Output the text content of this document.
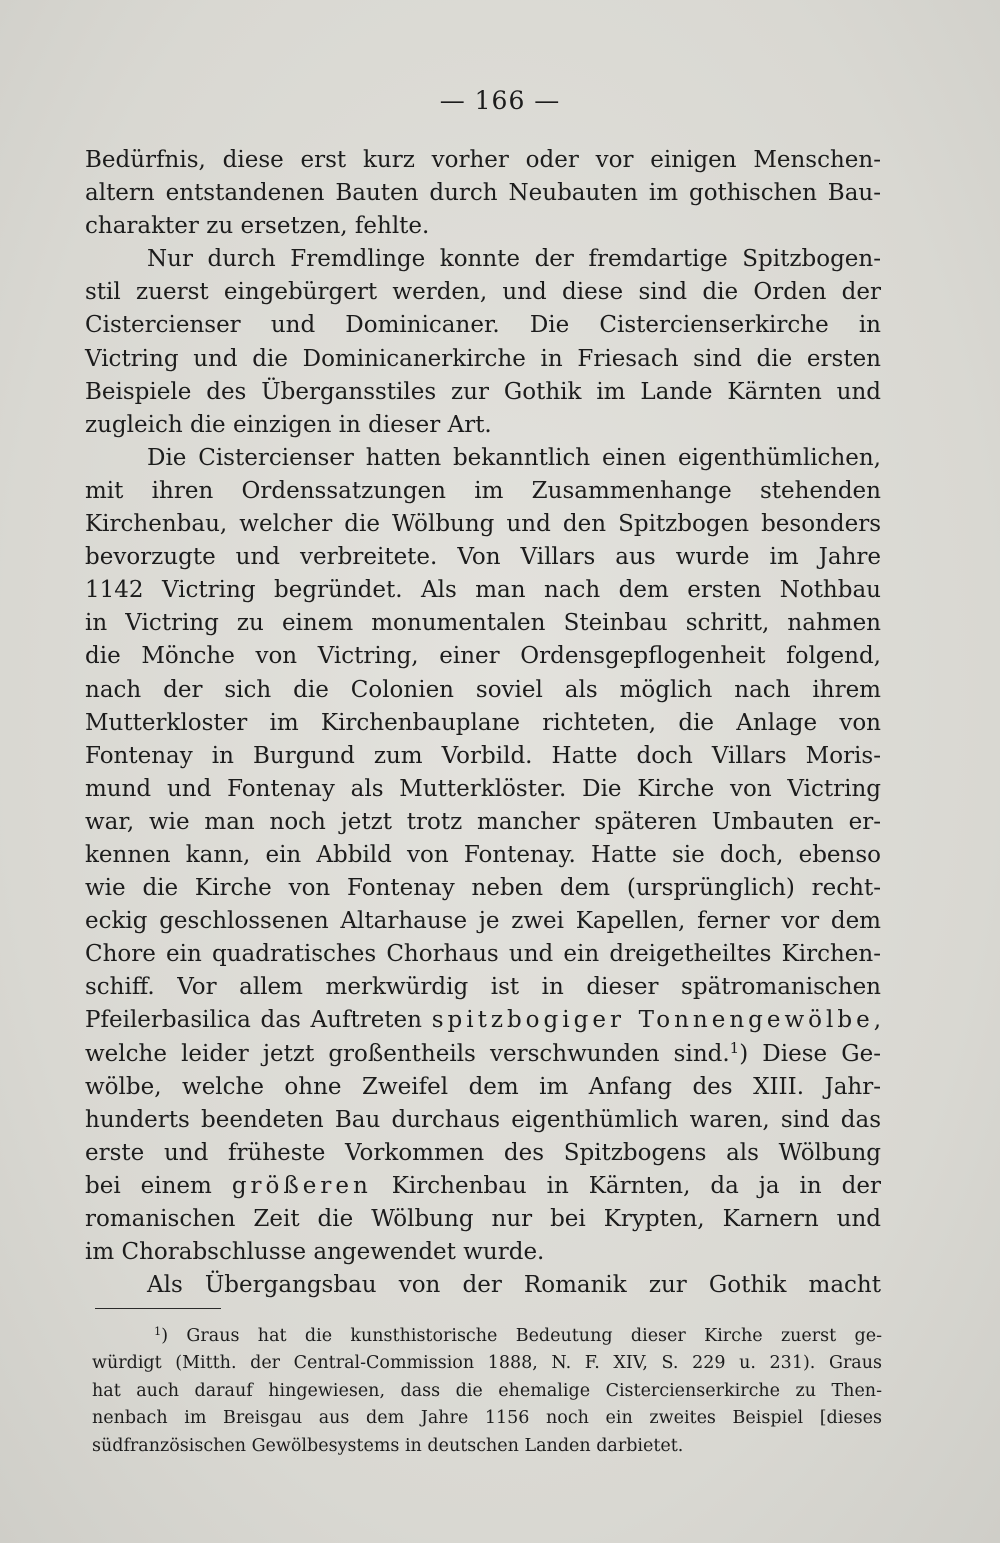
— 166 —
Bedürfnis, diese erst kurz vorher oder vor einigen Menschen-
altern entstandenen Bauten durch Neubauten im gothischen Bau-
charakter zu ersetzen, fehlte.
Nur durch Fremdlinge konnte der fremdartige Spitzbogen-
stil zuerst eingebürgert werden, und diese sind die Orden der
Cistercienser und Dominicaner. Die Cistercienserkirche in
Victring und die Dominicanerkirche in Friesach sind die ersten
Beispiele des Übergansstiles zur Gothik im Lande Kärnten und
zugleich die einzigen in dieser Art.
Die Cistercienser hatten bekanntlich einen eigenthümlichen,
mit ihren Ordenssatzungen im Zusammenhange stehenden
Kirchenbau, welcher die Wölbung und den Spitzbogen besonders
bevorzugte und verbreitete. Von Villars aus wurde im Jahre
1142 Victring begründet. Als man nach dem ersten Nothbau
in Victring zu einem monumentalen Steinbau schritt, nahmen
die Mönche von Victring, einer Ordensgepflogenheit folgend,
nach der sich die Colonien soviel als möglich nach ihrem
Mutterkloster im Kirchenbauplane richteten, die Anlage von
Fontenay in Burgund zum Vorbild. Hatte doch Villars Moris-
mund und Fontenay als Mutterklöster. Die Kirche von Victring
war, wie man noch jetzt trotz mancher späteren Umbauten er-
kennen kann, ein Abbild von Fontenay. Hatte sie doch, ebenso
wie die Kirche von Fontenay neben dem (ursprünglich) recht-
eckig geschlossenen Altarhause je zwei Kapellen, ferner vor dem
Chore ein quadratisches Chorhaus und ein dreigetheiltes Kirchen-
schiff. Vor allem merkwürdig ist in dieser spätromanischen
Pfeilerbasilica das Auftreten spitzbogiger Tonnengewölbe,
welche leider jetzt großentheils verschwunden sind.$^1$) Diese Ge-
wölbe, welche ohne Zweifel dem im Anfang des XIII. Jahr-
hunderts beendeten Bau durchaus eigenthümlich waren, sind das
erste und früheste Vorkommen des Spitzbogens als Wölbung
bei einem größeren Kirchenbau in Kärnten, da ja in der
romanischen Zeit die Wölbung nur bei Krypten, Karnern und
im Chorabschlusse angewendet wurde.
Als Übergangsbau von der Romanik zur Gothik macht
$^1$) Graus hat die kunsthistorische Bedeutung dieser Kirche zuerst ge-
würdigt (Mitth. der Central-Commission 1888, N. F. XIV, S. 229 u. 231). Graus
hat auch darauf hingewiesen, dass die ehemalige Cistercienserkirche zu Then-
nenbach im Breisgau aus dem Jahre 1156 noch ein zweites Beispiel [dieses
südfranzösischen Gewölbesystems in deutschen Landen darbietet.
